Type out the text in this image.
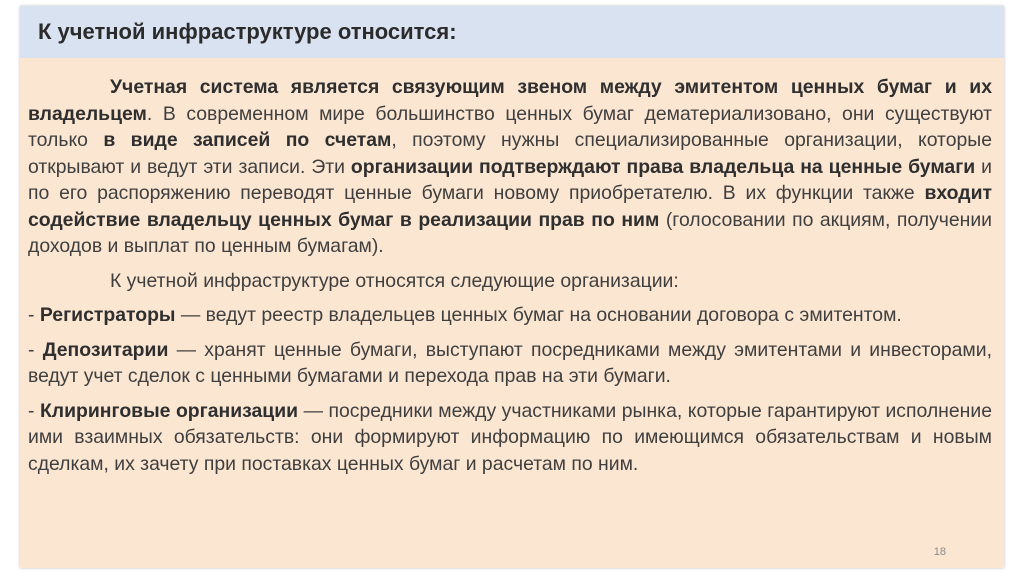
К учетной инфраструктуре относится:

Учетная система является связующим звеном между эмитентом ценных бумаг и их владельцем. В современном мире большинство ценных бумаг дематериализовано, они существуют только в виде записей по счетам, поэтому нужны специализированные организации, которые открывают и ведут эти записи. Эти организации подтверждают права владельца на ценные бумаги и по его распоряжению переводят ценные бумаги новому приобретателю. В их функции также входит содействие владельцу ценных бумаг в реализации прав по ним (голосовании по акциям, получении доходов и выплат по ценным бумагам).

К учетной инфраструктуре относятся следующие организации:

- Регистраторы — ведут реестр владельцев ценных бумаг на основании договора с эмитентом.

- Депозитарии — хранят ценные бумаги, выступают посредниками между эмитентами и инвесторами, ведут учет сделок с ценными бумагами и перехода прав на эти бумаги.

- Клиринговые организации — посредники между участниками рынка, которые гарантируют исполнение ими взаимных обязательств: они формируют информацию по имеющимся обязательствам и новым сделкам, их зачету при поставках ценных бумаг и расчетам по ним.

18
